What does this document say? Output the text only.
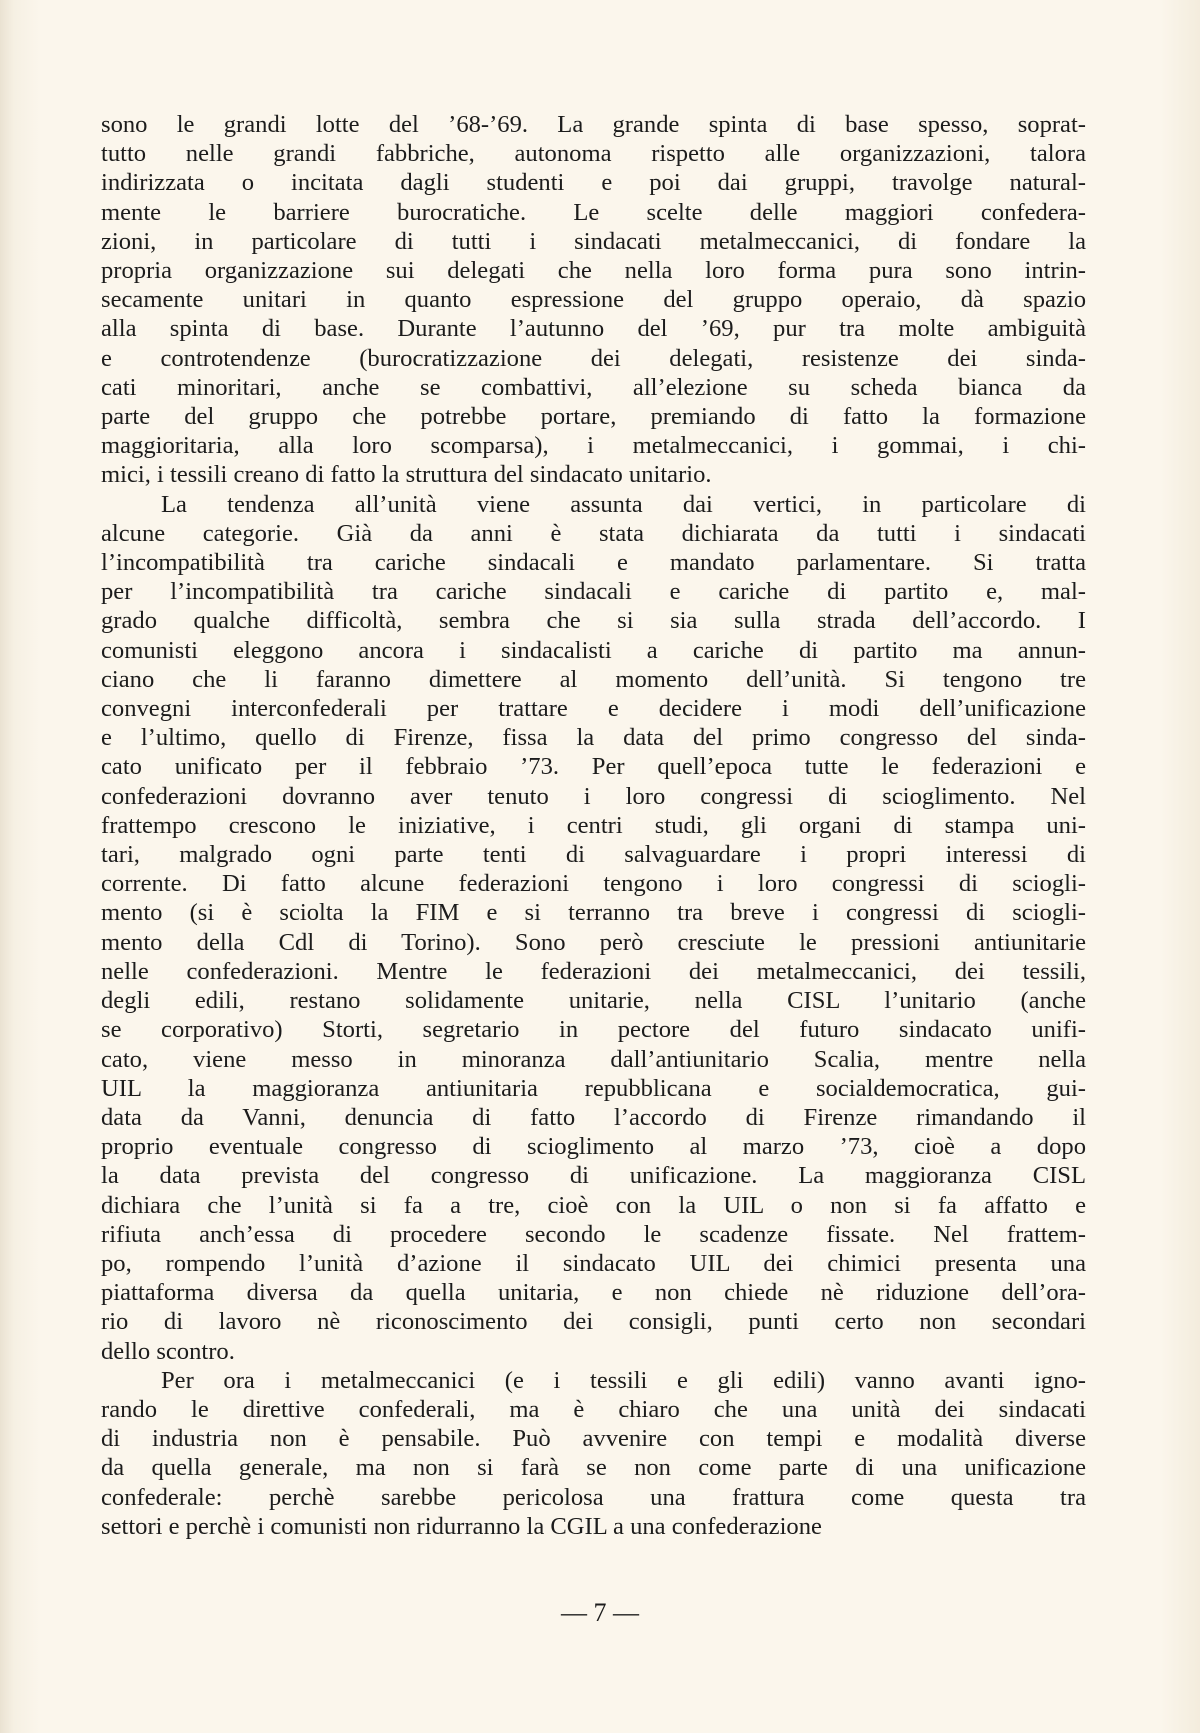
sono le grandi lotte del ’68-’69. La grande spinta di base spesso, soprat-
tutto nelle grandi fabbriche, autonoma rispetto alle organizzazioni, talora
indirizzata o incitata dagli studenti e poi dai gruppi, travolge natural-
mente le barriere burocratiche. Le scelte delle maggiori confedera-
zioni, in particolare di tutti i sindacati metalmeccanici, di fondare la
propria organizzazione sui delegati che nella loro forma pura sono intrin-
secamente unitari in quanto espressione del gruppo operaio, dà spazio
alla spinta di base. Durante l’autunno del ’69, pur tra molte ambiguità
e controtendenze (burocratizzazione dei delegati, resistenze dei sinda-
cati minoritari, anche se combattivi, all’elezione su scheda bianca da
parte del gruppo che potrebbe portare, premiando di fatto la formazione
maggioritaria, alla loro scomparsa), i metalmeccanici, i gommai, i chi-
mici, i tessili creano di fatto la struttura del sindacato unitario.

La tendenza all’unità viene assunta dai vertici, in particolare di
alcune categorie. Già da anni è stata dichiarata da tutti i sindacati
l’incompatibilità tra cariche sindacali e mandato parlamentare. Si tratta
per l’incompatibilità tra cariche sindacali e cariche di partito e, mal-
grado qualche difficoltà, sembra che si sia sulla strada dell’accordo. I
comunisti eleggono ancora i sindacalisti a cariche di partito ma annun-
ciano che li faranno dimettere al momento dell’unità. Si tengono tre
convegni interconfederali per trattare e decidere i modi dell’unificazione
e l’ultimo, quello di Firenze, fissa la data del primo congresso del sinda-
cato unificato per il febbraio ’73. Per quell’epoca tutte le federazioni e
confederazioni dovranno aver tenuto i loro congressi di scioglimento. Nel
frattempo crescono le iniziative, i centri studi, gli organi di stampa uni-
tari, malgrado ogni parte tenti di salvaguardare i propri interessi di
corrente. Di fatto alcune federazioni tengono i loro congressi di sciogli-
mento (si è sciolta la FIM e si terranno tra breve i congressi di sciogli-
mento della Cdl di Torino). Sono però cresciute le pressioni antiunitarie
nelle confederazioni. Mentre le federazioni dei metalmeccanici, dei tessili,
degli edili, restano solidamente unitarie, nella CISL l’unitario (anche
se corporativo) Storti, segretario in pectore del futuro sindacato unifi-
cato, viene messo in minoranza dall’antiunitario Scalia, mentre nella
UIL la maggioranza antiunitaria repubblicana e socialdemocratica, gui-
data da Vanni, denuncia di fatto l’accordo di Firenze rimandando il
proprio eventuale congresso di scioglimento al marzo ’73, cioè a dopo
la data prevista del congresso di unificazione. La maggioranza CISL
dichiara che l’unità si fa a tre, cioè con la UIL o non si fa affatto e
rifiuta anch’essa di procedere secondo le scadenze fissate. Nel frattem-
po, rompendo l’unità d’azione il sindacato UIL dei chimici presenta una
piattaforma diversa da quella unitaria, e non chiede nè riduzione dell’ora-
rio di lavoro nè riconoscimento dei consigli, punti certo non secondari
dello scontro.

Per ora i metalmeccanici (e i tessili e gli edili) vanno avanti igno-
rando le direttive confederali, ma è chiaro che una unità dei sindacati
di industria non è pensabile. Può avvenire con tempi e modalità diverse
da quella generale, ma non si farà se non come parte di una unificazione
confederale: perchè sarebbe pericolosa una frattura come questa tra
settori e perchè i comunisti non ridurranno la CGIL a una confederazione

— 7 —
